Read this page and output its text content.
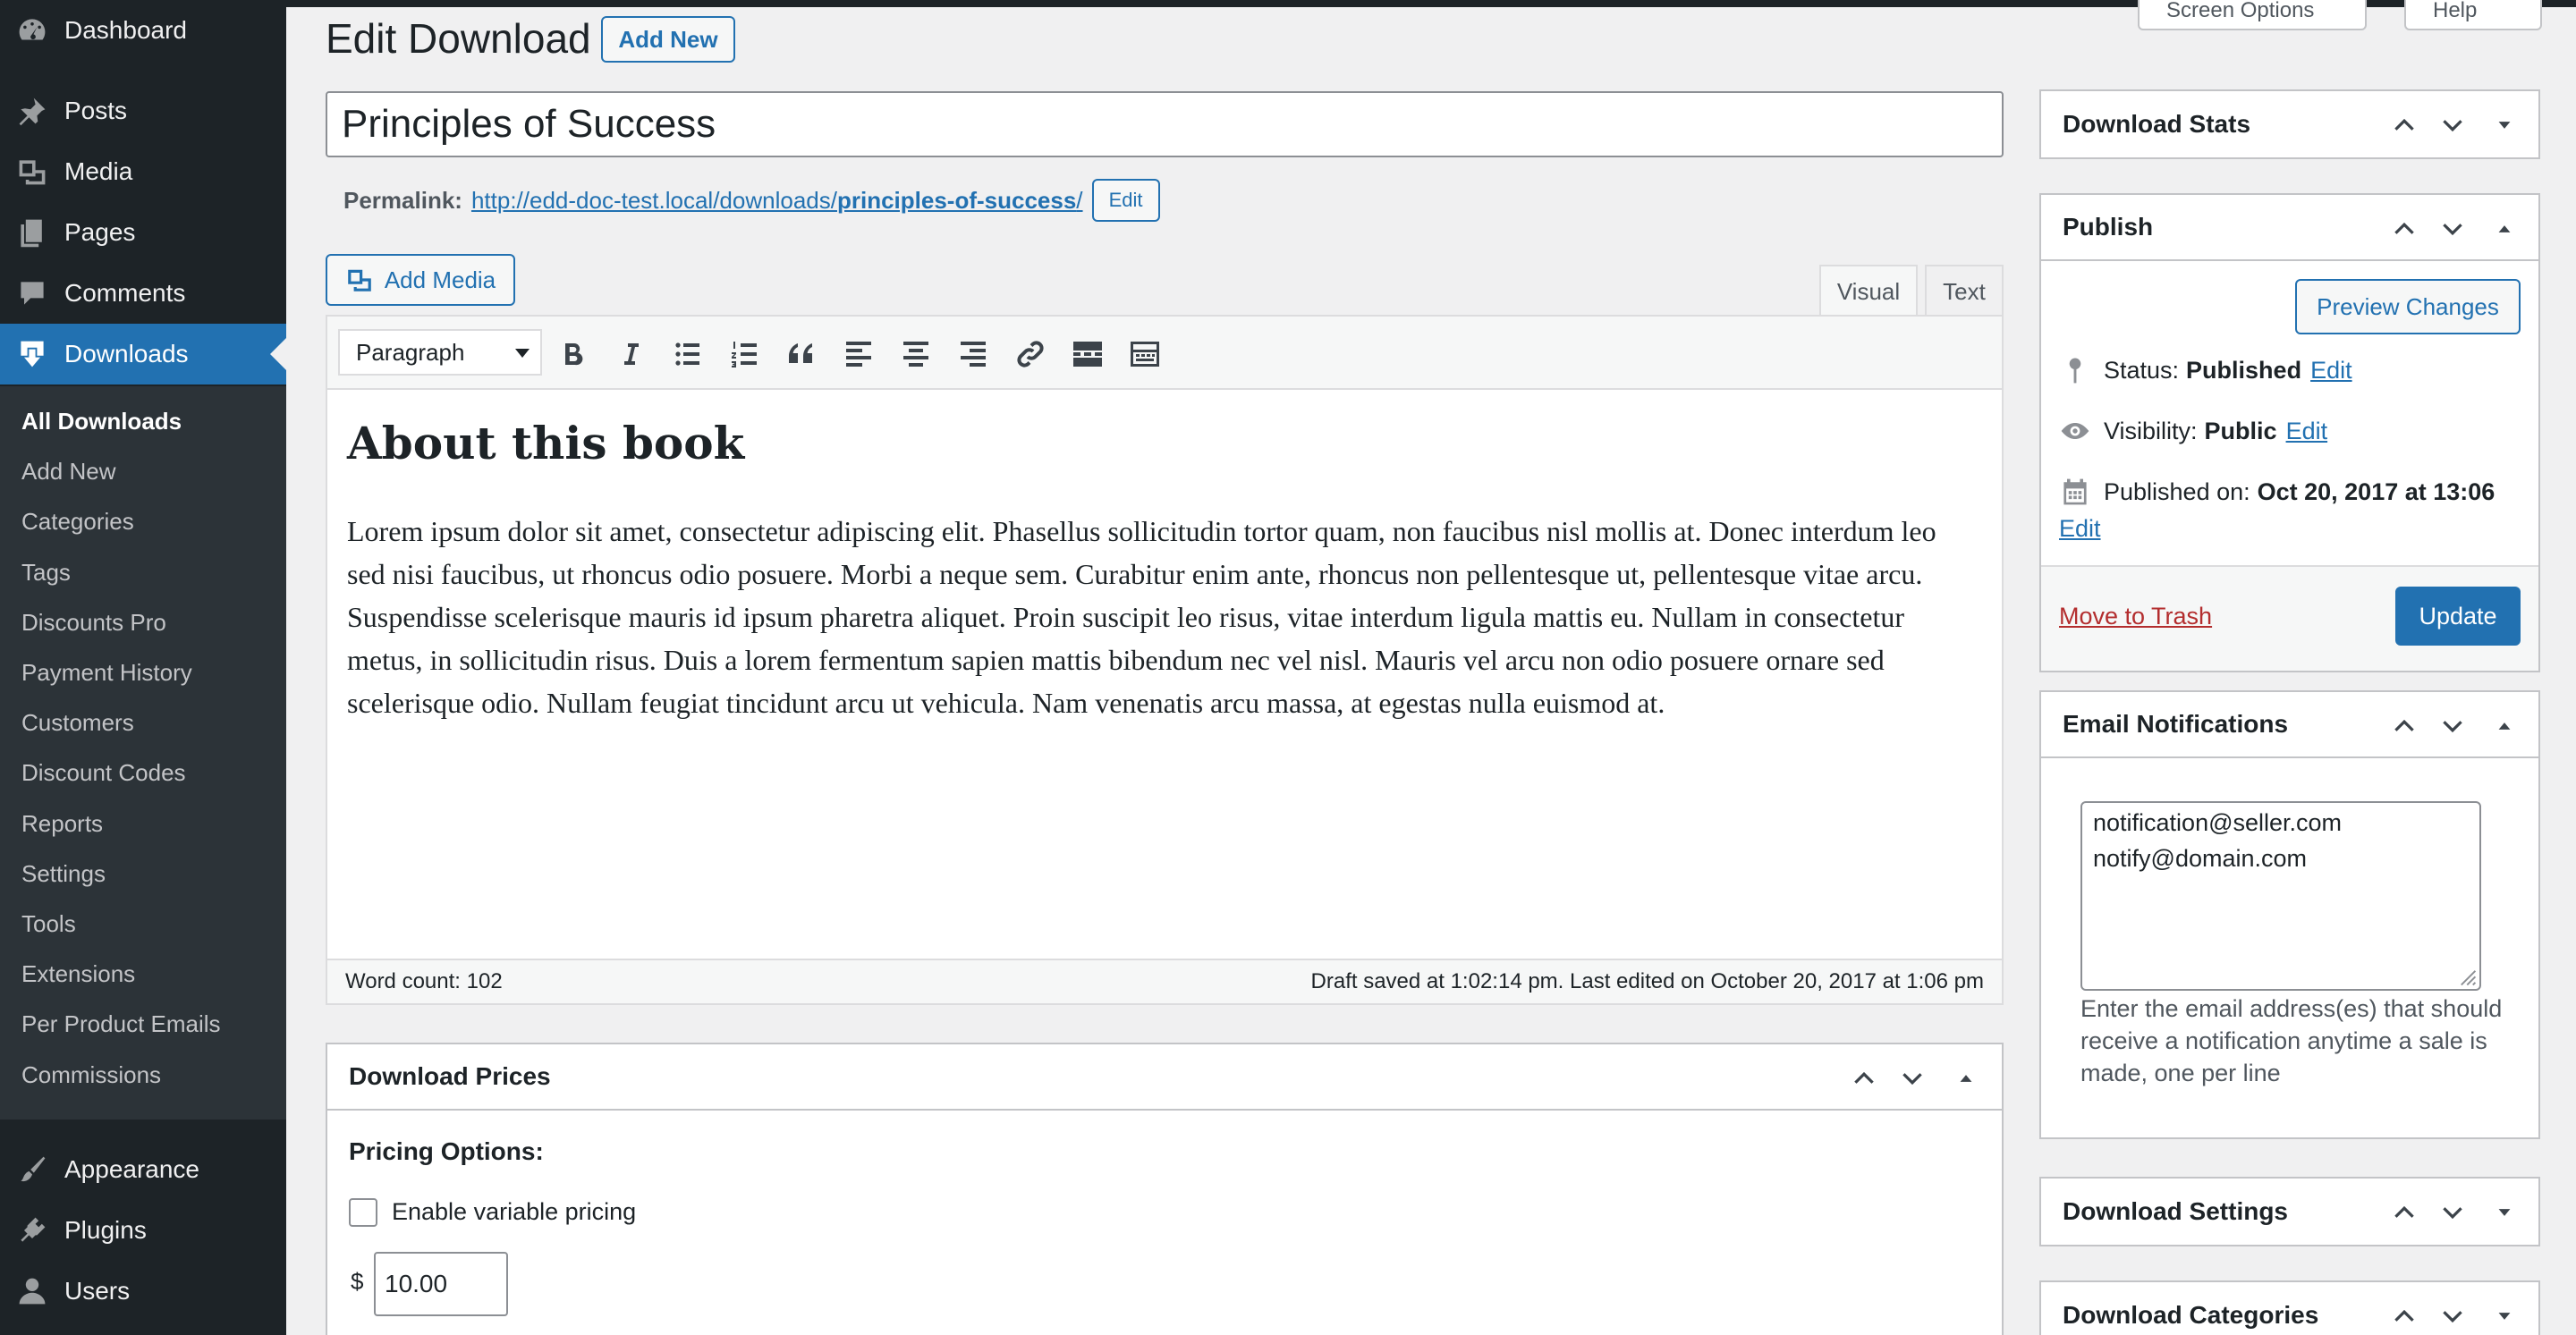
Dashboard
Posts
Media
Pages
Comments
Downloads
All Downloads
Add New
Categories
Tags
Discounts Pro
Payment History
Customers
Discount Codes
Reports
Settings
Tools
Extensions
Per Product Emails
Commissions
Appearance
Plugins
Users
Screen Options	Help
Edit Download	Add New
Principles of Success
Permalink: http://edd-doc-test.local/downloads/principles-of-success/	Edit
Add Media	Visual	Text
Paragraph
About this book

Lorem ipsum dolor sit amet, consectetur adipiscing elit. Phasellus sollicitudin tortor quam, non faucibus nisl mollis at. Donec interdum leo sed nisi faucibus, ut rhoncus odio posuere. Morbi a neque sem. Curabitur enim ante, rhoncus non pellentesque ut, pellentesque vitae arcu. Suspendisse scelerisque mauris id ipsum pharetra aliquet. Proin suscipit leo risus, vitae interdum ligula mattis eu. Nullam in consectetur metus, in sollicitudin risus. Duis a lorem fermentum sapien mattis bibendum nec vel nisl. Mauris vel arcu non odio posuere ornare sed scelerisque odio. Nullam feugiat tincidunt arcu ut vehicula. Nam venenatis arcu massa, at egestas nulla euismod at.

Word count: 102	Draft saved at 1:02:14 pm. Last edited on October 20, 2017 at 1:06 pm
Download Prices
Pricing Options:
Enable variable pricing
$ 10.00
Download Stats
Publish
Preview Changes
Status: Published Edit
Visibility: Public Edit
Published on: Oct 20, 2017 at 13:06
Edit
Move to Trash	Update
Email Notifications
notification@seller.com
notify@domain.com
Enter the email address(es) that should receive a notification anytime a sale is made, one per line
Download Settings
Download Categories
